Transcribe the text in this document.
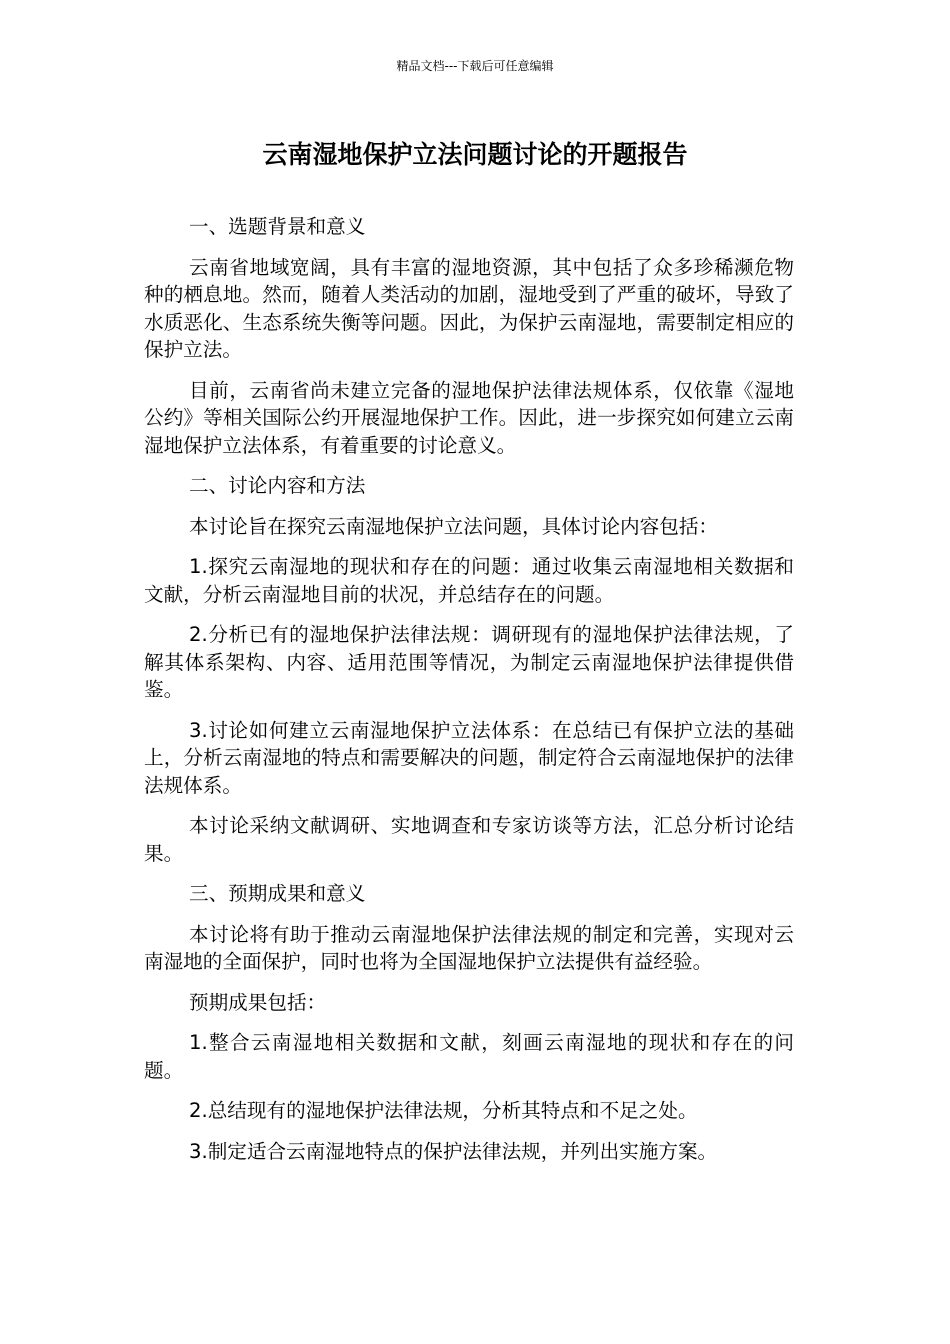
精品文档---下载后可任意编辑
云南湿地保护立法问题讨论的开题报告

一、选题背景和意义

云南省地域宽阔，具有丰富的湿地资源，其中包括了众多珍稀濒危物种的栖息地。然而，随着人类活动的加剧，湿地受到了严重的破坏，导致了水质恶化、生态系统失衡等问题。因此，为保护云南湿地，需要制定相应的保护立法。

目前，云南省尚未建立完备的湿地保护法律法规体系，仅依靠《湿地公约》等相关国际公约开展湿地保护工作。因此，进一步探究如何建立云南湿地保护立法体系，有着重要的讨论意义。

二、讨论内容和方法

本讨论旨在探究云南湿地保护立法问题，具体讨论内容包括：

1.探究云南湿地的现状和存在的问题：通过收集云南湿地相关数据和文献，分析云南湿地目前的状况，并总结存在的问题。

2.分析已有的湿地保护法律法规：调研现有的湿地保护法律法规，了解其体系架构、内容、适用范围等情况，为制定云南湿地保护法律提供借鉴。

3.讨论如何建立云南湿地保护立法体系：在总结已有保护立法的基础上，分析云南湿地的特点和需要解决的问题，制定符合云南湿地保护的法律法规体系。

本讨论采纳文献调研、实地调查和专家访谈等方法，汇总分析讨论结果。

三、预期成果和意义

本讨论将有助于推动云南湿地保护法律法规的制定和完善，实现对云南湿地的全面保护，同时也将为全国湿地保护立法提供有益经验。

预期成果包括：

1.整合云南湿地相关数据和文献，刻画云南湿地的现状和存在的问题。

2.总结现有的湿地保护法律法规，分析其特点和不足之处。

3.制定适合云南湿地特点的保护法律法规，并列出实施方案。
